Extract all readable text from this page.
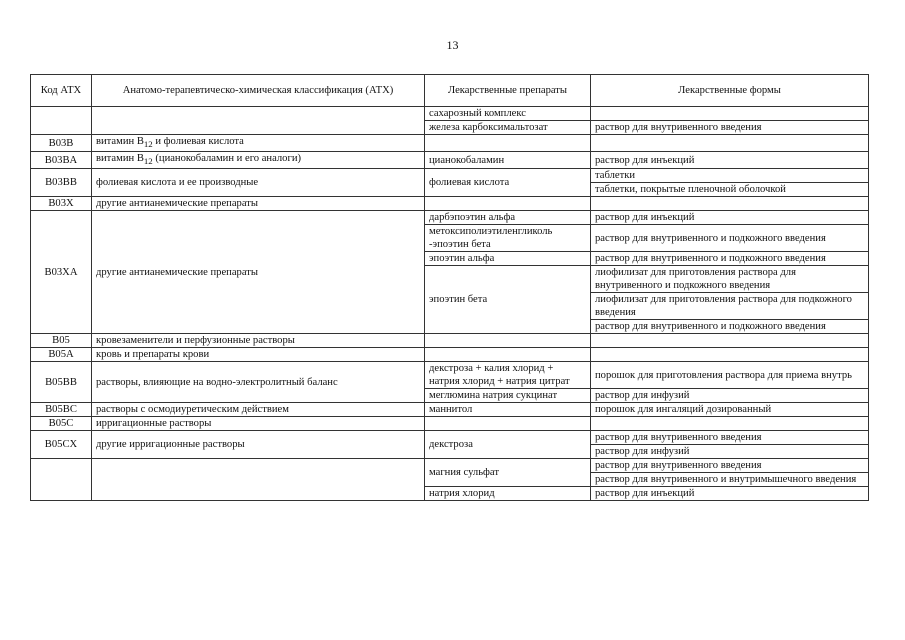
13
Код АТХ	Анатомо-терапевтическо-химическая классификация (АТХ)	Лекарственные препараты	Лекарственные формы
		сахарозный комплекс	
		железа карбоксимальтозат	раствор для внутривенного введения
B03B	витамин $B_{12}$ и фолиевая кислота		
B03BA	витамин $B_{12}$ (цианокобаламин и его аналоги)	цианокобаламин	раствор для инъекций
B03BB	фолиевая кислота и ее производные	фолиевая кислота	таблетки
			таблетки, покрытые пленочной оболочкой
B03X	другие антианемические препараты		
B03XA	другие антианемические препараты	дарбэпоэтин альфа	раствор для инъекций
		метоксиполиэтиленгликоль -эпоэтин бета	раствор для внутривенного и подкожного введения
		эпоэтин альфа	раствор для внутривенного и подкожного введения
		эпоэтин бета	лиофилизат для приготовления раствора для внутривенного и подкожного введения
			лиофилизат для приготовления раствора для подкожного введения
			раствор для внутривенного и подкожного введения
B05	кровезаменители и перфузионные растворы		
B05A	кровь и препараты крови		
B05BB	растворы, влияющие на водно-электролитный баланс	декстроза + калия хлорид + натрия хлорид + натрия цитрат	порошок для приготовления раствора для приема внутрь
		меглюмина натрия сукцинат	раствор для инфузий
B05BC	растворы с осмодиуретическим действием	маннитол	порошок для ингаляций дозированный
B05C	ирригационные растворы		
B05CX	другие ирригационные растворы	декстроза	раствор для внутривенного введения
			раствор для инфузий
		магния сульфат	раствор для внутривенного введения
			раствор для внутривенного и внутримышечного введения
		натрия хлорид	раствор для инъекций
